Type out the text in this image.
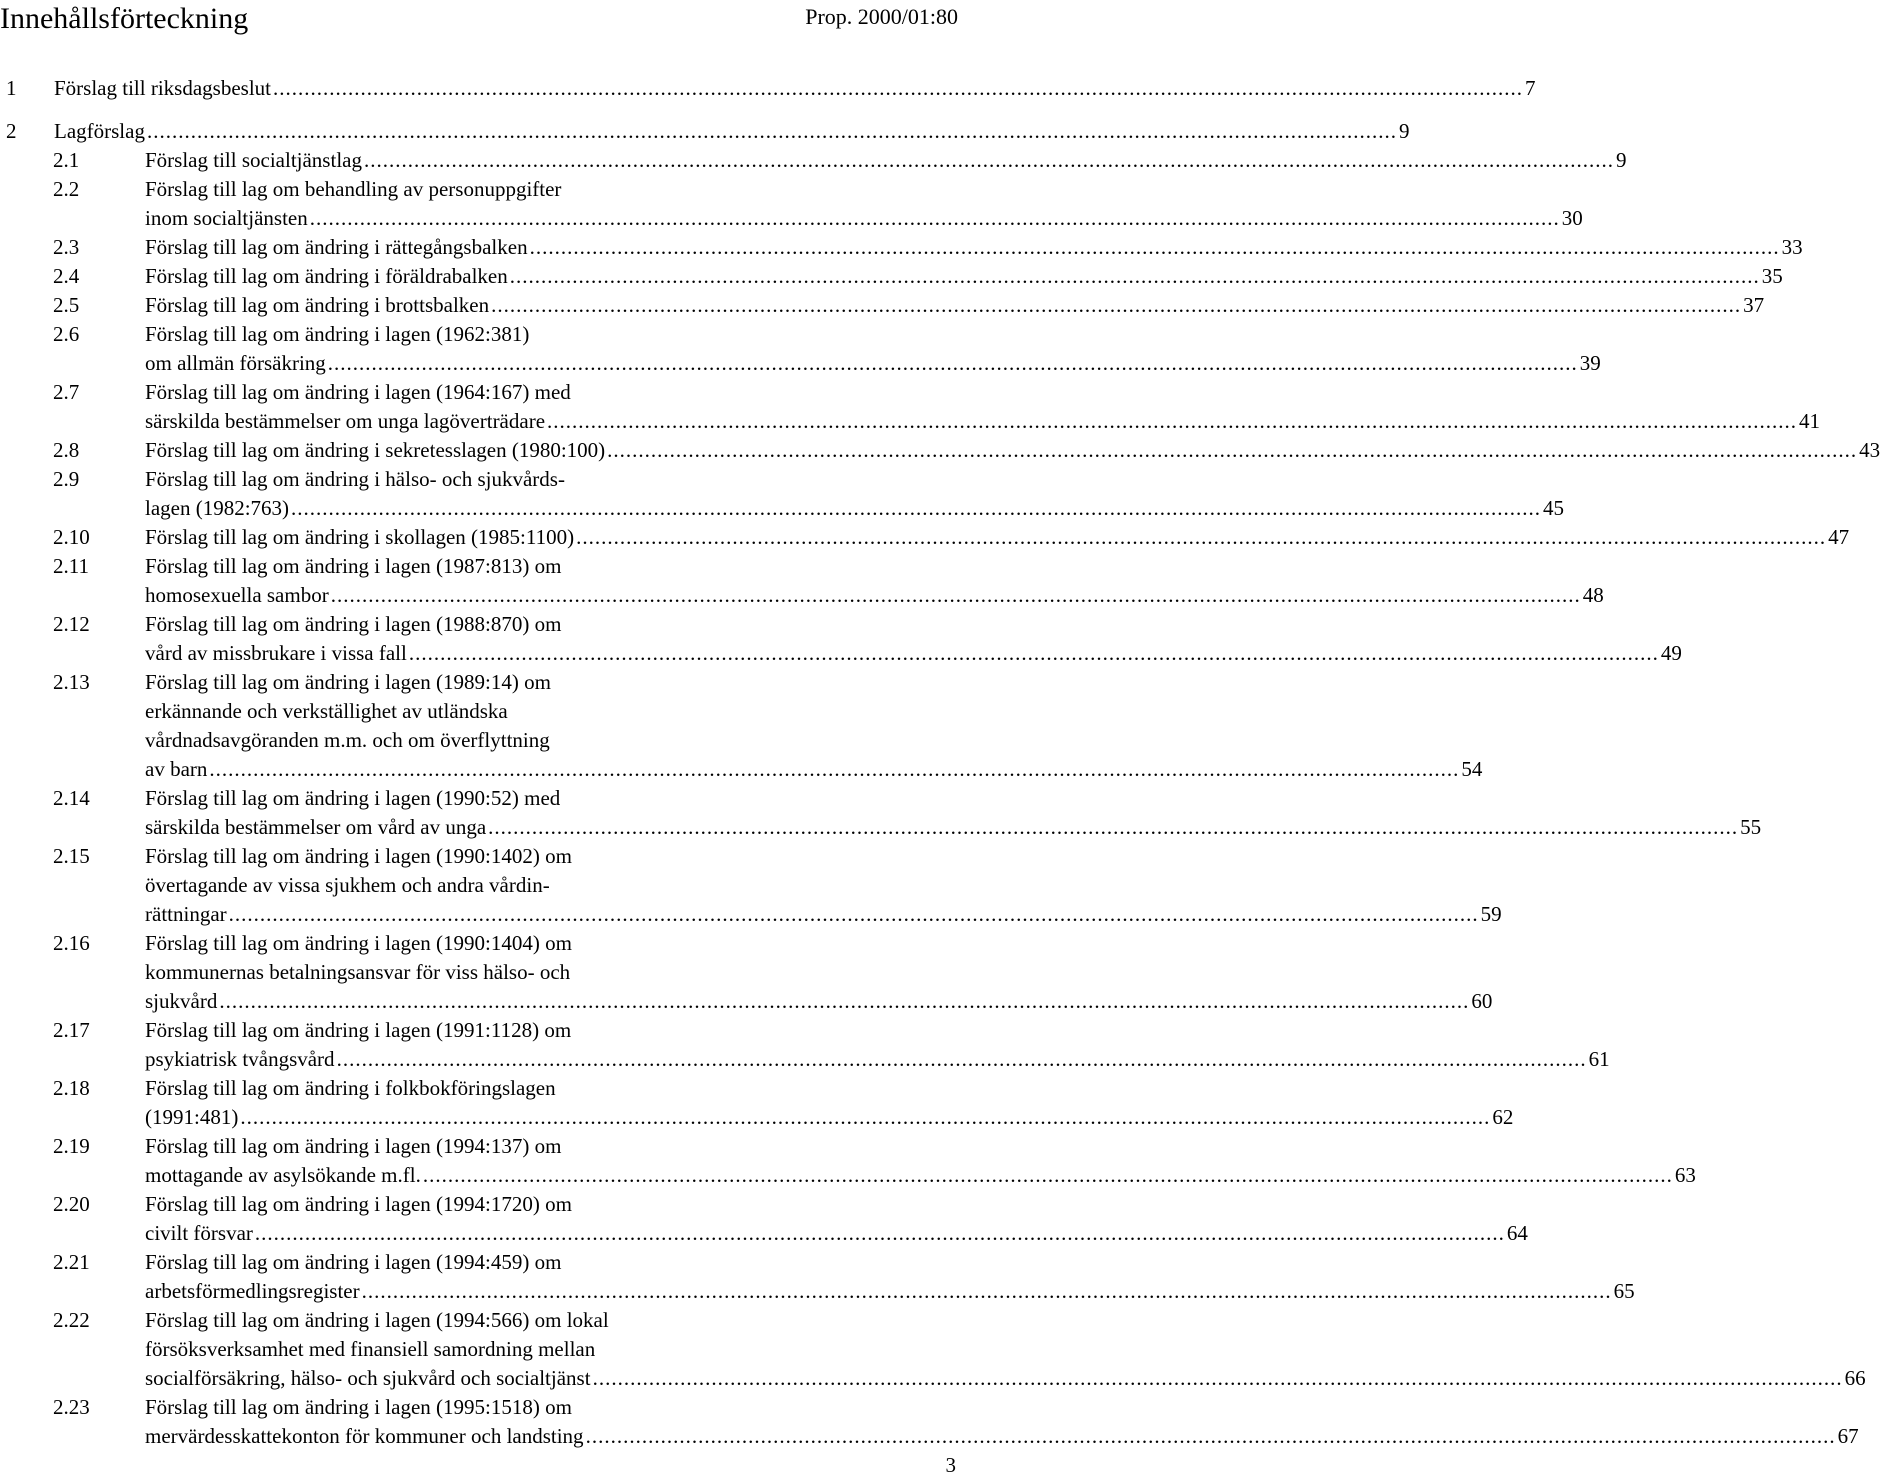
Innehållsförteckning	Prop. 2000/01:80
1 Förslag till riksdagsbeslut ........................................................................................................................................................................................................ 7
2 Lagförslag ........................................................................................................................................................................................................ 9
2.1	Förslag till socialtjänstlag ........................................................................................................................................................................................................ 9
2.2	Förslag till lag om behandling av personuppgifter
inom socialtjänsten ........................................................................................................................................................................................................ 30
2.3	Förslag till lag om ändring i rättegångsbalken ........................................................................................................................................................................................................ 33
2.4	Förslag till lag om ändring i föräldrabalken ........................................................................................................................................................................................................ 35
2.5	Förslag till lag om ändring i brottsbalken ........................................................................................................................................................................................................ 37
2.6	Förslag till lag om ändring i lagen (1962:381)
om allmän försäkring ........................................................................................................................................................................................................ 39
2.7	Förslag till lag om ändring i lagen (1964:167) med
särskilda bestämmelser om unga lagöverträdare ........................................................................................................................................................................................................ 41
2.8	Förslag till lag om ändring i sekretesslagen (1980:100) ........................................................................................................................................................................................................ 43
2.9	Förslag till lag om ändring i hälso- och sjukvårds-
lagen (1982:763) ........................................................................................................................................................................................................ 45
2.10	Förslag till lag om ändring i skollagen (1985:1100) ........................................................................................................................................................................................................ 47
2.11	Förslag till lag om ändring i lagen (1987:813) om
homosexuella sambor ........................................................................................................................................................................................................ 48
2.12	Förslag till lag om ändring i lagen (1988:870) om
vård av missbrukare i vissa fall ........................................................................................................................................................................................................ 49
2.13	Förslag till lag om ändring i lagen (1989:14) om
erkännande och verkställighet av utländska
vårdnadsavgöranden m.m. och om överflyttning
av barn ........................................................................................................................................................................................................ 54
2.14	Förslag till lag om ändring i lagen (1990:52) med
särskilda bestämmelser om vård av unga ........................................................................................................................................................................................................ 55
2.15	Förslag till lag om ändring i lagen (1990:1402) om
övertagande av vissa sjukhem och andra vårdin-
rättningar ........................................................................................................................................................................................................ 59
2.16	Förslag till lag om ändring i lagen (1990:1404) om
kommunernas betalningsansvar för viss hälso- och
sjukvård ........................................................................................................................................................................................................ 60
2.17	Förslag till lag om ändring i lagen (1991:1128) om
psykiatrisk tvångsvård ........................................................................................................................................................................................................ 61
2.18	Förslag till lag om ändring i folkbokföringslagen
(1991:481) ........................................................................................................................................................................................................ 62
2.19	Förslag till lag om ändring i lagen (1994:137) om
mottagande av asylsökande m.fl. ........................................................................................................................................................................................................ 63
2.20	Förslag till lag om ändring i lagen (1994:1720) om
civilt försvar ........................................................................................................................................................................................................ 64
2.21	Förslag till lag om ändring i lagen (1994:459) om
arbetsförmedlingsregister ........................................................................................................................................................................................................ 65
2.22	Förslag till lag om ändring i lagen (1994:566) om lokal
försöksverksamhet med finansiell samordning mellan
socialförsäkring, hälso- och sjukvård och socialtjänst ........................................................................................................................................................................................................ 66
2.23	Förslag till lag om ändring i lagen (1995:1518) om
mervärdesskattekonton för kommuner och landsting ........................................................................................................................................................................................................ 67
3
